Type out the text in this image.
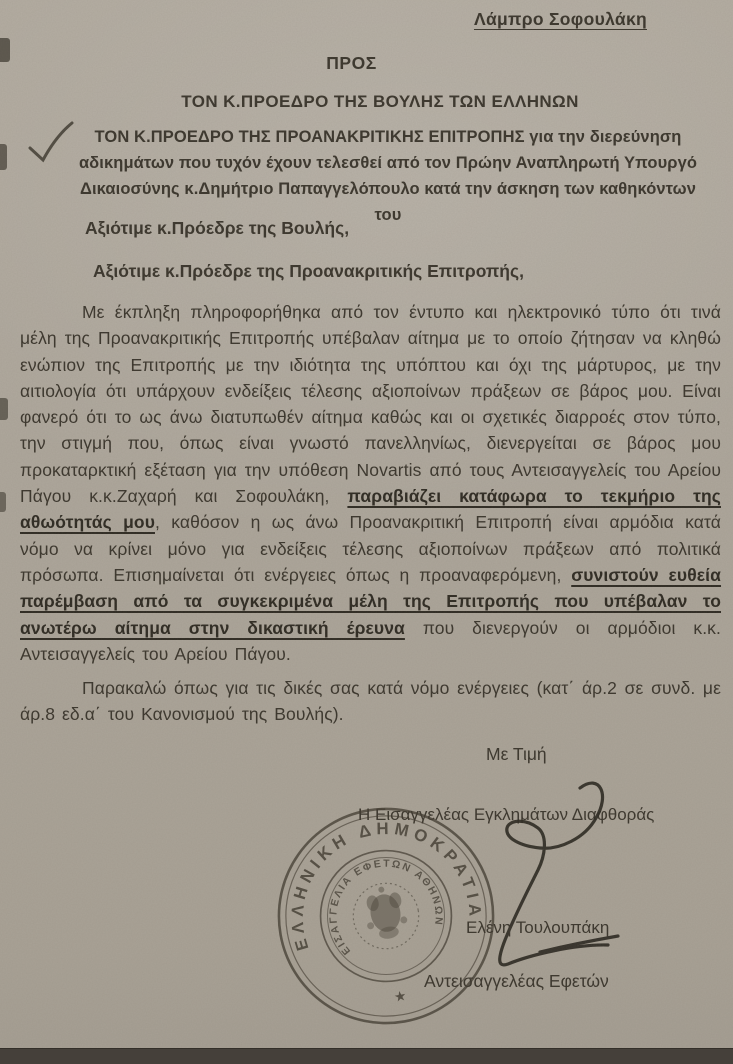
Λάμπρο Σοφουλάκη
ΠΡΟΣ
ΤΟΝ Κ.ΠΡΟΕΔΡΟ ΤΗΣ ΒΟΥΛΗΣ ΤΩΝ ΕΛΛΗΝΩΝ
ΤΟΝ Κ.ΠΡΟΕΔΡΟ ΤΗΣ ΠΡΟΑΝΑΚΡΙΤΙΚΗΣ ΕΠΙΤΡΟΠΗΣ για την διερεύνηση αδικημάτων που τυχόν έχουν τελεσθεί από τον Πρώην Αναπληρωτή Υπουργό Δικαιοσύνης κ.Δημήτριο Παπαγγελόπουλο κατά την άσκηση των καθηκόντων του
Αξιότιμε κ.Πρόεδρε της Βουλής,
Αξιότιμε κ.Πρόεδρε της Προανακριτικής Επιτροπής,
Με έκπληξη πληροφορήθηκα από τον έντυπο και ηλεκτρονικό τύπο ότι τινά μέλη της Προανακριτικής Επιτροπής υπέβαλαν αίτημα με το οποίο ζήτησαν να κληθώ ενώπιον της Επιτροπής με την ιδιότητα της υπόπτου και όχι της μάρτυρος, με την αιτιολογία ότι υπάρχουν ενδείξεις τέλεσης αξιοποίνων πράξεων σε βάρος μου. Είναι φανερό ότι το ως άνω διατυπωθέν αίτημα καθώς και οι σχετικές διαρροές στον τύπο, την στιγμή που, όπως είναι γνωστό πανελληνίως, διενεργείται σε βάρος μου προκαταρκτική εξέταση για την υπόθεση Novartis από τους Αντεισαγγελείς του Αρείου Πάγου κ.κ.Ζαχαρή και Σοφουλάκη, παραβιάζει κατάφωρα το τεκμήριο της αθωότητάς μου, καθόσον η ως άνω Προανακριτική Επιτροπή είναι αρμόδια κατά νόμο να κρίνει μόνο για ενδείξεις τέλεσης αξιοποίνων πράξεων από πολιτικά πρόσωπα. Επισημαίνεται ότι ενέργειες όπως η προαναφερόμενη, συνιστούν ευθεία παρέμβαση από τα συγκεκριμένα μέλη της Επιτροπής που υπέβαλαν το ανωτέρω αίτημα στην δικαστική έρευνα που διενεργούν οι αρμόδιοι κ.κ. Αντεισαγγελείς του Αρείου Πάγου.
Παρακαλώ όπως για τις δικές σας κατά νόμο ενέργειες (κατ΄ άρ.2 σε συνδ. με άρ.8 εδ.α΄ του Κανονισμού της Βουλής).
Με Τιμή
Η Εισαγγελέας Εγκλημάτων Διαφθοράς
ΕΛΛΗΝΙΚΗ ΔΗΜΟΚΡΑΤΙΑ
ΕΙΣΑΓΓΕΛΙΑ ΕΦΕΤΩΝ ΑΘΗΝΩΝ
★
Ελένη Τουλουπάκη
Αντεισαγγελέας Εφετών
